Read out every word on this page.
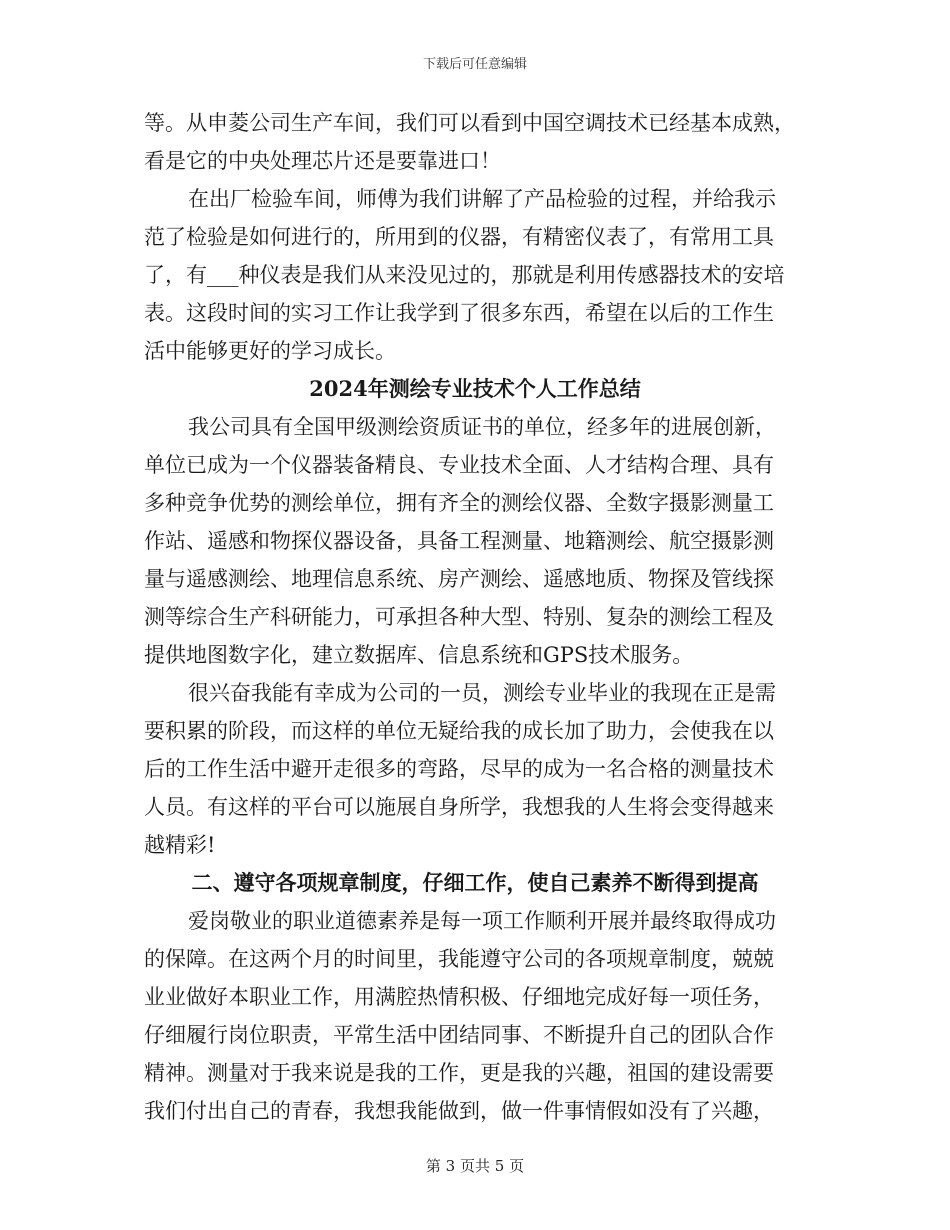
下载后可任意编辑
等。从申菱公司生产车间，我们可以看到中国空调技术已经基本成熟，
看是它的中央处理芯片还是要靠进口！
在出厂检验车间，师傅为我们讲解了产品检验的过程，并给我示
范了检验是如何进行的，所用到的仪器，有精密仪表了，有常用工具
了，有___种仪表是我们从来没见过的，那就是利用传感器技术的安培
表。这段时间的实习工作让我学到了很多东西，希望在以后的工作生
活中能够更好的学习成长。
2024年测绘专业技术个人工作总结
我公司具有全国甲级测绘资质证书的单位，经多年的进展创新，
单位已成为一个仪器装备精良、专业技术全面、人才结构合理、具有
多种竞争优势的测绘单位，拥有齐全的测绘仪器、全数字摄影测量工
作站、遥感和物探仪器设备，具备工程测量、地籍测绘、航空摄影测
量与遥感测绘、地理信息系统、房产测绘、遥感地质、物探及管线探
测等综合生产科研能力，可承担各种大型、特别、复杂的测绘工程及
提供地图数字化，建立数据库、信息系统和GPS技术服务。
很兴奋我能有幸成为公司的一员，测绘专业毕业的我现在正是需
要积累的阶段，而这样的单位无疑给我的成长加了助力，会使我在以
后的工作生活中避开走很多的弯路，尽早的成为一名合格的测量技术
人员。有这样的平台可以施展自身所学，我想我的人生将会变得越来
越精彩!
二、遵守各项规章制度，仔细工作，使自己素养不断得到提高
爱岗敬业的职业道德素养是每一项工作顺利开展并最终取得成功
的保障。在这两个月的时间里，我能遵守公司的各项规章制度，兢兢
业业做好本职业工作，用满腔热情积极、仔细地完成好每一项任务，
仔细履行岗位职责，平常生活中团结同事、不断提升自己的团队合作
精神。测量对于我来说是我的工作，更是我的兴趣，祖国的建设需要
我们付出自己的青春，我想我能做到，做一件事情假如没有了兴趣，
第 3 页共 5 页
